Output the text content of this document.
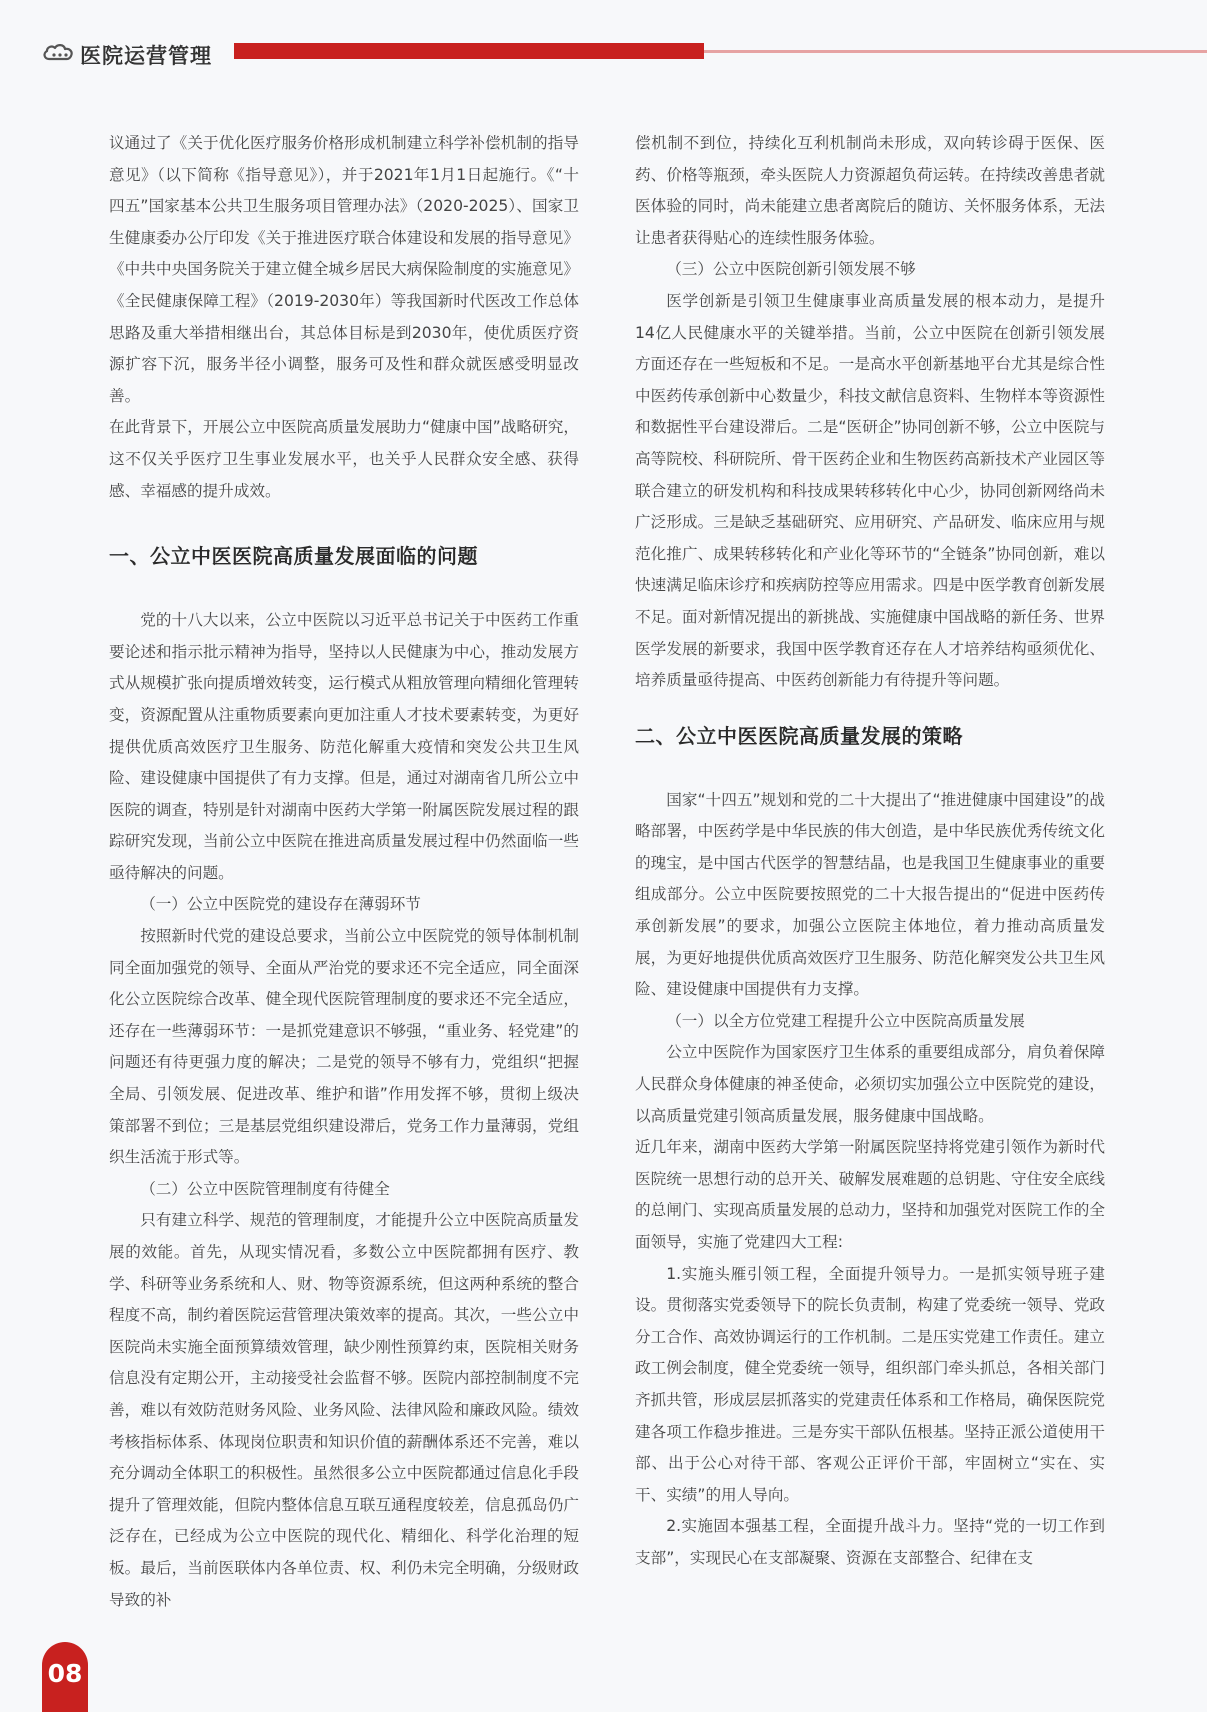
医院运营管理

议通过了《关于优化医疗服务价格形成机制建立科学补偿机制的指导意见》（以下简称《指导意见》），并于2021年1月1日起施行。《“十四五”国家基本公共卫生服务项目管理办法》（2020-2025）、国家卫生健康委办公厅印发《关于推进医疗联合体建设和发展的指导意见》《中共中央国务院关于建立健全城乡居民大病保险制度的实施意见》《全民健康保障工程》（2019-2030年）等我国新时代医改工作总体思路及重大举措相继出台，其总体目标是到2030年，使优质医疗资源扩容下沉，服务半径小调整，服务可及性和群众就医感受明显改善。

在此背景下，开展公立中医院高质量发展助力“健康中国”战略研究，这不仅关乎医疗卫生事业发展水平，也关乎人民群众安全感、获得感、幸福感的提升成效。

一、公立中医医院高质量发展面临的问题

党的十八大以来，公立中医院以习近平总书记关于中医药工作重要论述和指示批示精神为指导，坚持以人民健康为中心，推动发展方式从规模扩张向提质增效转变，运行模式从粗放管理向精细化管理转变，资源配置从注重物质要素向更加注重人才技术要素转变，为更好提供优质高效医疗卫生服务、防范化解重大疫情和突发公共卫生风险、建设健康中国提供了有力支撑。但是，通过对湖南省几所公立中医院的调查，特别是针对湖南中医药大学第一附属医院发展过程的跟踪研究发现，当前公立中医院在推进高质量发展过程中仍然面临一些亟待解决的问题。

（一）公立中医院党的建设存在薄弱环节

按照新时代党的建设总要求，当前公立中医院党的领导体制机制同全面加强党的领导、全面从严治党的要求还不完全适应，同全面深化公立医院综合改革、健全现代医院管理制度的要求还不完全适应，还存在一些薄弱环节：一是抓党建意识不够强，“重业务、轻党建”的问题还有待更强力度的解决；二是党的领导不够有力，党组织“把握全局、引领发展、促进改革、维护和谐”作用发挥不够，贯彻上级决策部署不到位；三是基层党组织建设滞后，党务工作力量薄弱，党组织生活流于形式等。

（二）公立中医院管理制度有待健全

只有建立科学、规范的管理制度，才能提升公立中医院高质量发展的效能。首先，从现实情况看，多数公立中医院都拥有医疗、教学、科研等业务系统和人、财、物等资源系统，但这两种系统的整合程度不高，制约着医院运营管理决策效率的提高。其次，一些公立中医院尚未实施全面预算绩效管理，缺少刚性预算约束，医院相关财务信息没有定期公开，主动接受社会监督不够。医院内部控制制度不完善，难以有效防范财务风险、业务风险、法律风险和廉政风险。绩效考核指标体系、体现岗位职责和知识价值的薪酬体系还不完善，难以充分调动全体职工的积极性。虽然很多公立中医院都通过信息化手段提升了管理效能，但院内整体信息互联互通程度较差，信息孤岛仍广泛存在，已经成为公立中医院的现代化、精细化、科学化治理的短板。最后，当前医联体内各单位责、权、利仍未完全明确，分级财政导致的补

偿机制不到位，持续化互利机制尚未形成，双向转诊碍于医保、医药、价格等瓶颈，牵头医院人力资源超负荷运转。在持续改善患者就医体验的同时，尚未能建立患者离院后的随访、关怀服务体系，无法让患者获得贴心的连续性服务体验。

（三）公立中医院创新引领发展不够

医学创新是引领卫生健康事业高质量发展的根本动力，是提升14亿人民健康水平的关键举措。当前，公立中医院在创新引领发展方面还存在一些短板和不足。一是高水平创新基地平台尤其是综合性中医药传承创新中心数量少，科技文献信息资料、生物样本等资源性和数据性平台建设滞后。二是“医研企”协同创新不够，公立中医院与高等院校、科研院所、骨干医药企业和生物医药高新技术产业园区等联合建立的研发机构和科技成果转移转化中心少，协同创新网络尚未广泛形成。三是缺乏基础研究、应用研究、产品研发、临床应用与规范化推广、成果转移转化和产业化等环节的“全链条”协同创新，难以快速满足临床诊疗和疾病防控等应用需求。四是中医学教育创新发展不足。面对新情况提出的新挑战、实施健康中国战略的新任务、世界医学发展的新要求，我国中医学教育还存在人才培养结构亟须优化、培养质量亟待提高、中医药创新能力有待提升等问题。

二、公立中医医院高质量发展的策略

国家“十四五”规划和党的二十大提出了“推进健康中国建设”的战略部署，中医药学是中华民族的伟大创造，是中华民族优秀传统文化的瑰宝，是中国古代医学的智慧结晶，也是我国卫生健康事业的重要组成部分。公立中医院要按照党的二十大报告提出的“促进中医药传承创新发展”的要求，加强公立医院主体地位，着力推动高质量发展，为更好地提供优质高效医疗卫生服务、防范化解突发公共卫生风险、建设健康中国提供有力支撑。

（一）以全方位党建工程提升公立中医院高质量发展

公立中医院作为国家医疗卫生体系的重要组成部分，肩负着保障人民群众身体健康的神圣使命，必须切实加强公立中医院党的建设，以高质量党建引领高质量发展，服务健康中国战略。

近几年来，湖南中医药大学第一附属医院坚持将党建引领作为新时代医院统一思想行动的总开关、破解发展难题的总钥匙、守住安全底线的总闸门、实现高质量发展的总动力，坚持和加强党对医院工作的全面领导，实施了党建四大工程:

1.实施头雁引领工程，全面提升领导力。一是抓实领导班子建设。贯彻落实党委领导下的院长负责制，构建了党委统一领导、党政分工合作、高效协调运行的工作机制。二是压实党建工作责任。建立政工例会制度，健全党委统一领导，组织部门牵头抓总，各相关部门齐抓共管，形成层层抓落实的党建责任体系和工作格局，确保医院党建各项工作稳步推进。三是夯实干部队伍根基。坚持正派公道使用干部、出于公心对待干部、客观公正评价干部，牢固树立“实在、实干、实绩”的用人导向。

2.实施固本强基工程，全面提升战斗力。坚持“党的一切工作到支部”，实现民心在支部凝聚、资源在支部整合、纪律在支

08
